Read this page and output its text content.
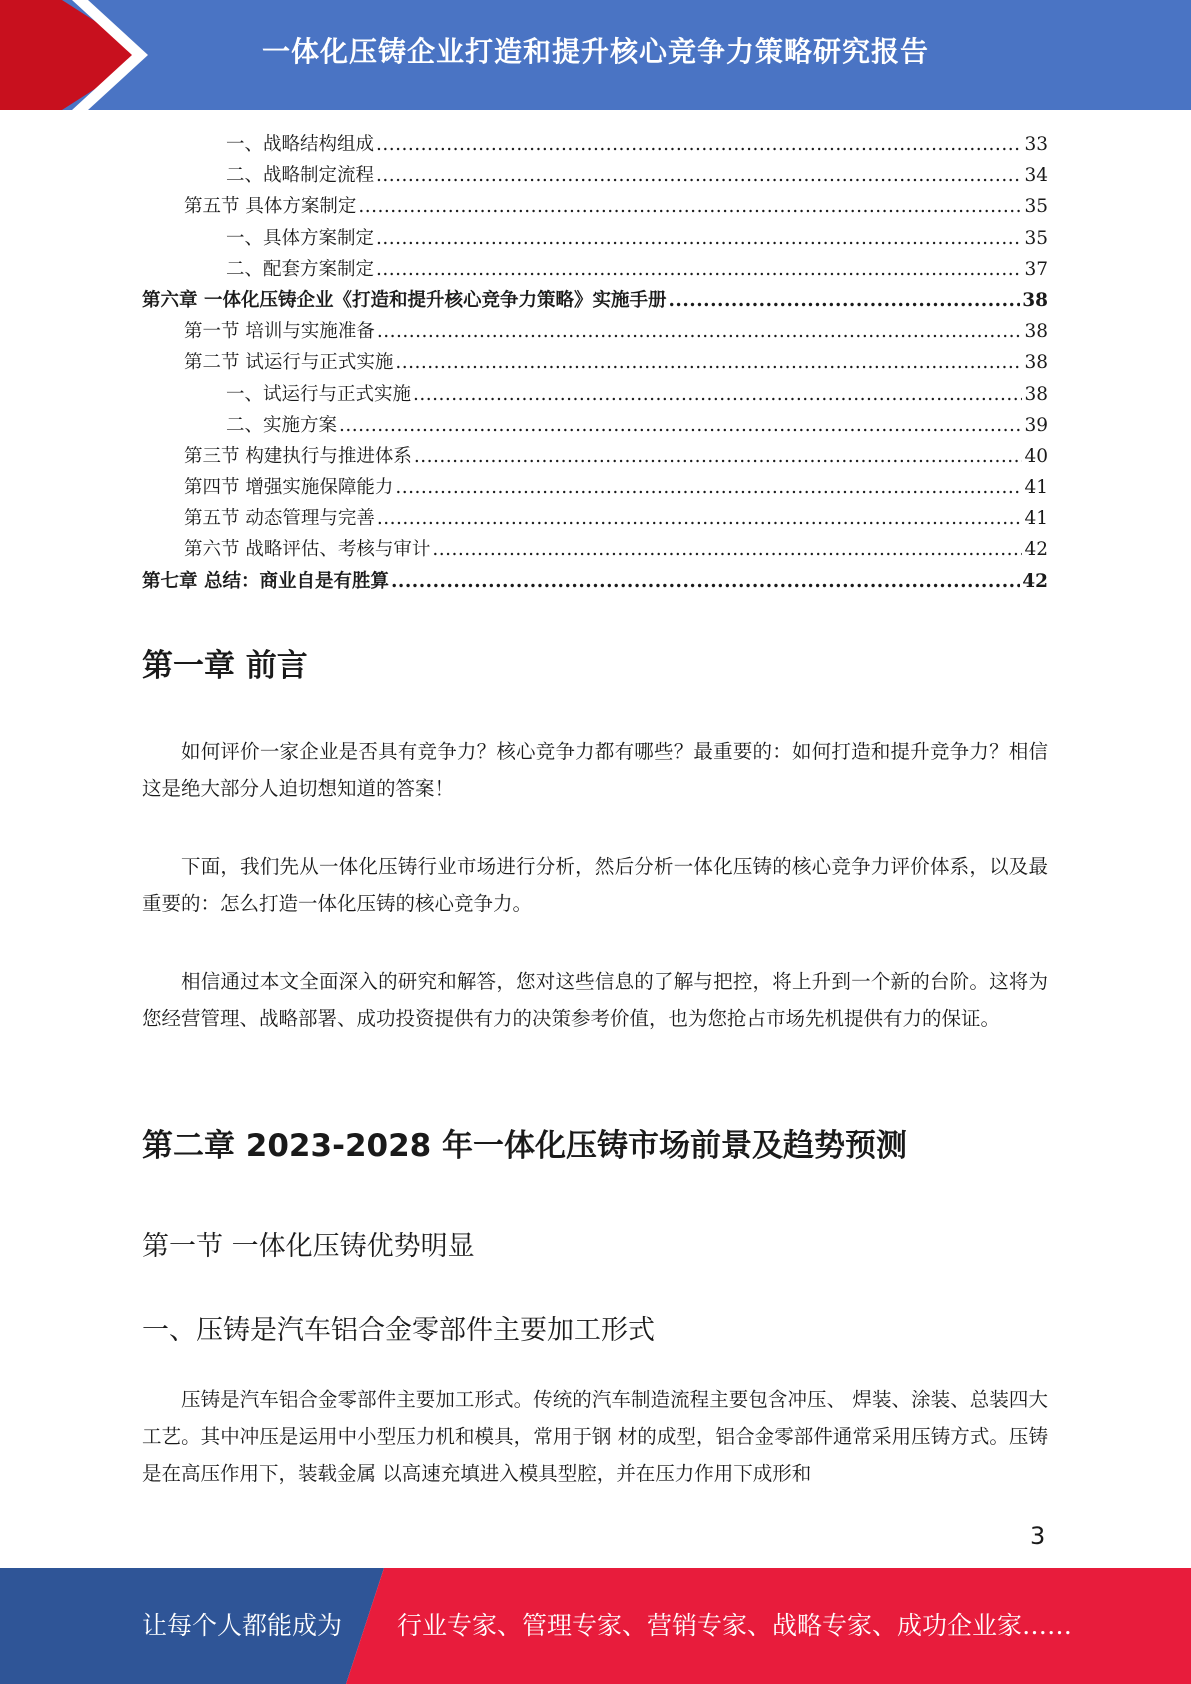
一体化压铸企业打造和提升核心竞争力策略研究报告
一、战略结构组成 .....	33
二、战略制定流程 .....	34
第五节 具体方案制定 .....	35
一、具体方案制定 .....	35
二、配套方案制定 .....	37
第六章 一体化压铸企业《打造和提升核心竞争力策略》实施手册 .....	38
第一节 培训与实施准备 .....	38
第二节 试运行与正式实施 .....	38
一、试运行与正式实施 .....	38
二、实施方案 .....	39
第三节 构建执行与推进体系 .....	40
第四节 增强实施保障能力 .....	41
第五节 动态管理与完善 .....	41
第六节 战略评估、考核与审计 .....	42
第七章 总结：商业自是有胜算 .....	42
第一章 前言
如何评价一家企业是否具有竞争力？核心竞争力都有哪些？最重要的：如何打造和提升竞争力？相信这是绝大部分人迫切想知道的答案！
下面，我们先从一体化压铸行业市场进行分析，然后分析一体化压铸的核心竞争力评价体系，以及最重要的：怎么打造一体化压铸的核心竞争力。
相信通过本文全面深入的研究和解答，您对这些信息的了解与把控，将上升到一个新的台阶。这将为您经营管理、战略部署、成功投资提供有力的决策参考价值，也为您抢占市场先机提供有力的保证。
第二章 2023-2028 年一体化压铸市场前景及趋势预测
第一节 一体化压铸优势明显
一、压铸是汽车铝合金零部件主要加工形式
压铸是汽车铝合金零部件主要加工形式。传统的汽车制造流程主要包含冲压、 焊装、涂装、总装四大工艺。其中冲压是运用中小型压力机和模具，常用于钢 材的成型，铝合金零部件通常采用压铸方式。压铸是在高压作用下，装载金属 以高速充填进入模具型腔，并在压力作用下成形和
3
让每个人都能成为 行业专家、管理专家、营销专家、战略专家、成功企业家……
